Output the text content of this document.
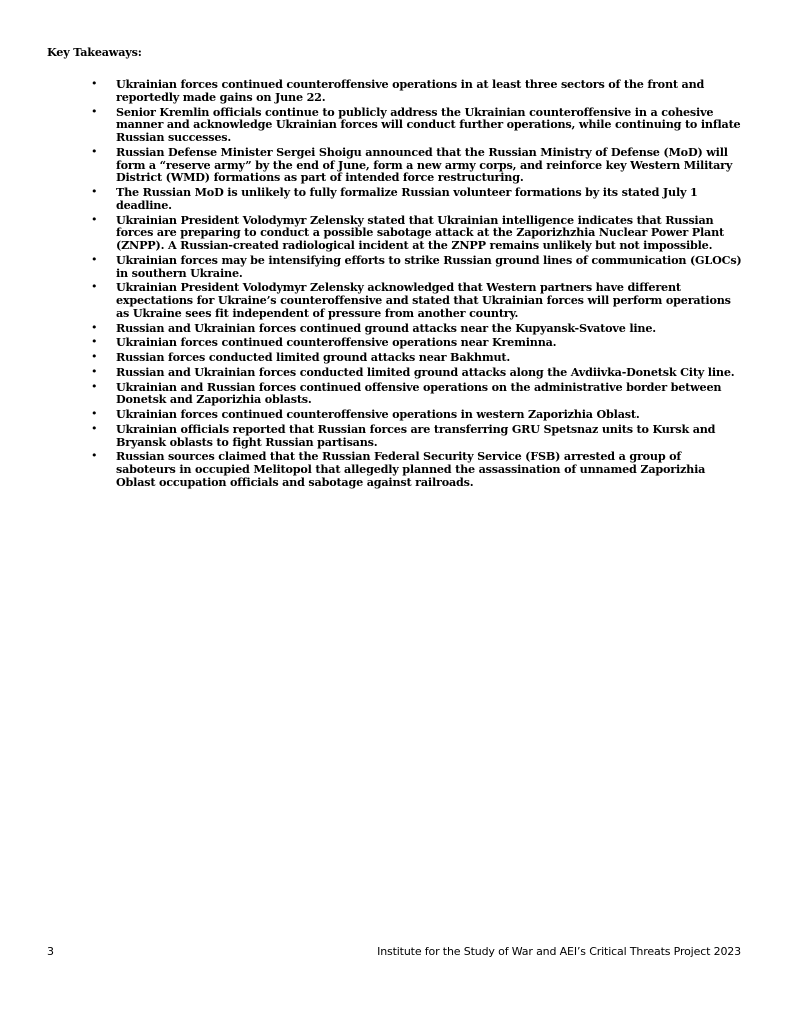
Key Takeaways:
• Ukrainian forces continued counteroffensive operations in at least three sectors of the front and reportedly made gains on June 22.
• Senior Kremlin officials continue to publicly address the Ukrainian counteroffensive in a cohesive manner and acknowledge Ukrainian forces will conduct further operations, while continuing to inflate Russian successes.
• Russian Defense Minister Sergei Shoigu announced that the Russian Ministry of Defense (MoD) will form a “reserve army” by the end of June, form a new army corps, and reinforce key Western Military District (WMD) formations as part of intended force restructuring.
• The Russian MoD is unlikely to fully formalize Russian volunteer formations by its stated July 1 deadline.
• Ukrainian President Volodymyr Zelensky stated that Ukrainian intelligence indicates that Russian forces are preparing to conduct a possible sabotage attack at the Zaporizhzhia Nuclear Power Plant (ZNPP). A Russian-created radiological incident at the ZNPP remains unlikely but not impossible.
• Ukrainian forces may be intensifying efforts to strike Russian ground lines of communication (GLOCs) in southern Ukraine.
• Ukrainian President Volodymyr Zelensky acknowledged that Western partners have different expectations for Ukraine’s counteroffensive and stated that Ukrainian forces will perform operations as Ukraine sees fit independent of pressure from another country.
• Russian and Ukrainian forces continued ground attacks near the Kupyansk-Svatove line.
• Ukrainian forces continued counteroffensive operations near Kreminna.
• Russian forces conducted limited ground attacks near Bakhmut.
• Russian and Ukrainian forces conducted limited ground attacks along the Avdiivka-Donetsk City line.
• Ukrainian and Russian forces continued offensive operations on the administrative border between Donetsk and Zaporizhia oblasts.
• Ukrainian forces continued counteroffensive operations in western Zaporizhia Oblast.
• Ukrainian officials reported that Russian forces are transferring GRU Spetsnaz units to Kursk and Bryansk oblasts to fight Russian partisans.
• Russian sources claimed that the Russian Federal Security Service (FSB) arrested a group of saboteurs in occupied Melitopol that allegedly planned the assassination of unnamed Zaporizhia Oblast occupation officials and sabotage against railroads.
3	Institute for the Study of War and AEI’s Critical Threats Project 2023
